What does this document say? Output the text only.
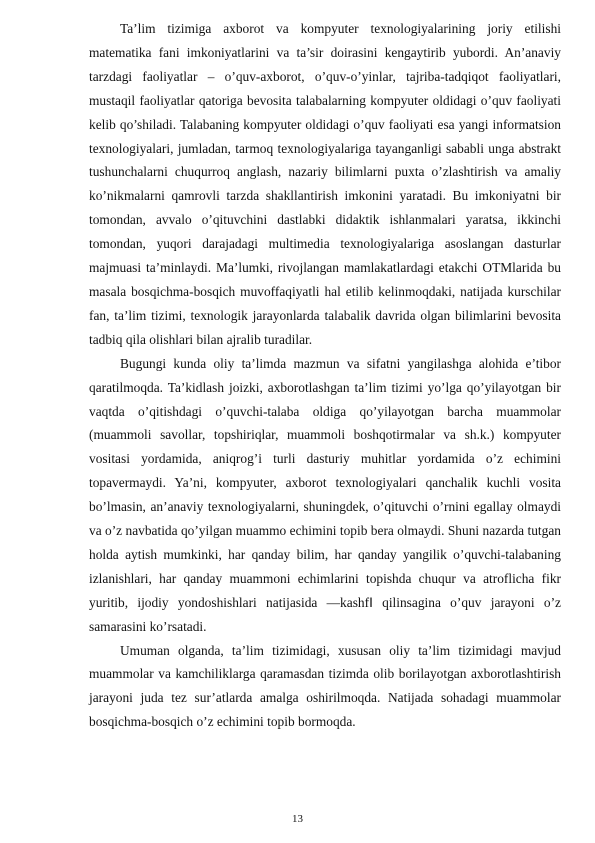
Ta’lim tizimiga axborot va kompyuter texnologiyalarining joriy etilishi matematika fani imkoniyatlarini va ta’sir doirasini kengaytirib yubordi. An’anaviy tarzdagi faoliyatlar – o’quv-axborot, o’quv-o’yinlar, tajriba-tadqiqot faoliyatlari, mustaqil faoliyatlar qatoriga bevosita talabalarning kompyuter oldidagi o’quv faoliyati kelib qo’shiladi. Talabaning kompyuter oldidagi o’quv faoliyati esa yangi informatsion texnologiyalari, jumladan, tarmoq texnologiyalariga tayanganligi sababli unga abstrakt tushunchalarni chuqurroq anglash, nazariy bilimlarni puxta o’zlashtirish va amaliy ko’nikmalarni qamrovli tarzda shakllantirish imkonini yaratadi. Bu imkoniyatni bir tomondan, avvalo o’qituvchini dastlabki didaktik ishlanmalari yaratsa, ikkinchi tomondan, yuqori darajadagi multimedia texnologiyalariga asoslangan dasturlar majmuasi ta’minlaydi. Ma’lumki, rivojlangan mamlakatlardagi etakchi OTMlarida bu masala bosqichma-bosqich muvoffaqiyatli hal etilib kelinmoqdaki, natijada kurschilar fan, ta’lim tizimi, texnologik jarayonlarda talabalik davrida olgan bilimlarini bevosita tadbiq qila olishlari bilan ajralib turadilar.

Bugungi kunda oliy ta’limda mazmun va sifatni yangilashga alohida e’tibor qaratilmoqda. Ta’kidlash joizki, axborotlashgan ta’lim tizimi yo’lga qo’yilayotgan bir vaqtda o’qitishdagi o’quvchi-talaba oldiga qo’yilayotgan barcha muammolar (muammoli savollar, topshiriqlar, muammoli boshqotirmalar va sh.k.) kompyuter vositasi yordamida, aniqrog’i turli dasturiy muhitlar yordamida o’z echimini topavermaydi. Ya’ni, kompyuter, axborot texnologiyalari qanchalik kuchli vosita bo’lmasin, an’anaviy texnologiyalarni, shuningdek, o’qituvchi o’rnini egallay olmaydi va o’z navbatida qo’yilgan muammo echimini topib bera olmaydi. Shuni nazarda tutgan holda aytish mumkinki, har qanday bilim, har qanday yangilik o’quvchi-talabaning izlanishlari, har qanday muammoni echimlarini topishda chuqur va atroflicha fikr yuritib, ijodiy yondoshishlari natijasida ―kashf‖ qilinsagina o’quv jarayoni o’z samarasini ko’rsatadi.

Umuman olganda, ta’lim tizimidagi, xususan oliy ta’lim tizimidagi mavjud muammolar va kamchiliklarga qaramasdan tizimda olib borilayotgan axborotlashtirish jarayoni juda tez sur’atlarda amalga oshirilmoqda. Natijada sohadagi muammolar bosqichma-bosqich o’z echimini topib bormoqda.

13
